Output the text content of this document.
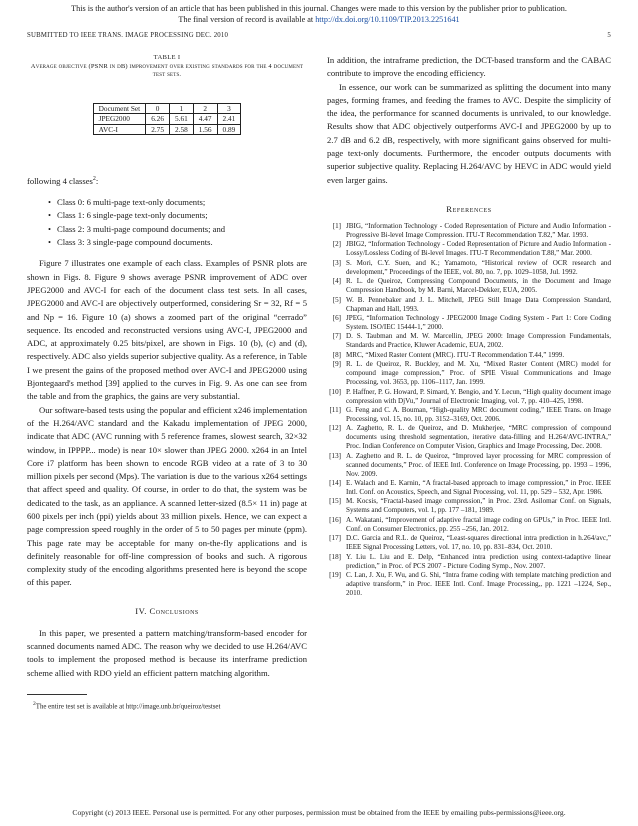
This is the author's version of an article that has been published in this journal. Changes were made to this version by the publisher prior to publication.
The final version of record is available at http://dx.doi.org/10.1109/TIP.2013.2251641
SUBMITTED TO IEEE TRANS. IMAGE PROCESSING DEC. 2010	5
TABLE I
Average objective (PSNR in dB) improvement over existing standards for the 4 document test sets.
Document Set	0	1	2	3
JPEG2000	6.26	5.61	4.47	2.41
AVC-I	2.75	2.58	1.56	0.89

following 4 classes$^2$:

• Class 0: 6 multi-page text-only documents;
• Class 1: 6 single-page text-only documents;
• Class 2: 3 multi-page compound documents; and
• Class 3: 3 single-page compound documents.

Figure 7 illustrates one example of each class. Examples of PSNR plots are shown in Figs. 8. Figure 9 shows average PSNR improvement of ADC over JPEG2000 and AVC-I for each of the document class test sets. In all cases, JPEG2000 and AVC-I are objectively outperformed, considering Sr = 32, Rf = 5 and Np = 16. Figure 10 (a) shows a zoomed part of the original “cerrado” sequence. Its encoded and reconstructed versions using AVC-I, JPEG2000 and ADC, at approximately 0.25 bits/pixel, are shown in Figs. 10 (b), (c) and (d), respectively. ADC also yields superior subjective quality. As a reference, in Table I we present the gains of the proposed method over AVC-I and JPEG2000 using Bjontegaard's method [39] applied to the curves in Fig. 9. As one can see from the table and from the graphics, the gains are very substantial.

Our software-based tests using the popular and efficient x246 implementation of the H.264/AVC standard and the Kakadu implementation of JPEG 2000, indicate that ADC (AVC running with 5 reference frames, slowest search, 32×32 window, in IPPPP... mode) is near 10× slower than JPEG 2000. x264 in an Intel Core i7 platform has been shown to encode RGB video at a rate of 3 to 30 million pixels per second (Mps). The variation is due to the various x264 settings that affect speed and quality. Of course, in order to do that, the system was be dedicated to the task, as an appliance. A scanned letter-sized (8.5× 11 in) page at 600 pixels per inch (ppi) yields about 33 million pixels. Hence, we can expect a page compression speed roughly in the order of 5 to 50 pages per minute (ppm). This page rate may be acceptable for many on-the-fly applications and is definitely reasonable for off-line compression of books and such. A rigorous complexity study of the encoding algorithms presented here is beyond the scope of this paper.

IV. Conclusions

In this paper, we presented a pattern matching/transform-based encoder for scanned documents named ADC. The reason why we decided to use H.264/AVC tools to implement the proposed method is because its interframe prediction scheme allied with RDO yield an efficient pattern matching algorithm.

$^2$The entire test set is available at http://image.unb.br/queiroz/testset

In addition, the intraframe prediction, the DCT-based transform and the CABAC contribute to improve the encoding efficiency.

In essence, our work can be summarized as splitting the document into many pages, forming frames, and feeding the frames to AVC. Despite the simplicity of the idea, the performance for scanned documents is unrivaled, to our knowledge. Results show that ADC objectively outperforms AVC-I and JPEG2000 by up to 2.7 dB and 6.2 dB, respectively, with more significant gains observed for multi-page text-only documents. Furthermore, the encoder outputs documents with superior subjective quality. Replacing H.264/AVC by HEVC in ADC would yield even larger gains.

References
[1] JBIG, “Information Technology - Coded Representation of Picture and Audio Information - Progressive Bi-level Image Compression. ITU-T Recommendation T.82,” Mar. 1993.
[2] JBIG2, “Information Technology - Coded Representation of Picture and Audio Information - Lossy/Lossless Coding of Bi-level Images. ITU-T Recommendation T.88,” Mar. 2000.
[3] S. Mori, C.Y. Suen, and K.; Yamamoto, “Historical review of OCR research and development,” Proceedings of the IEEE, vol. 80, no. 7, pp. 1029–1058, Jul. 1992.
[4] R. L. de Queiroz, Compressing Compound Documents, in the Document and Image Compression Handbook, by M. Barni, Marcel-Dekker, EUA, 2005.
[5] W. B. Pennebaker and J. L. Mitchell, JPEG Still Image Data Compression Standard, Chapman and Hall, 1993.
[6] JPEG, “Information Technology - JPEG2000 Image Coding System - Part 1: Core Coding System. ISO/IEC 15444-1,” 2000.
[7] D. S. Taubman and M. W. Marcellin, JPEG 2000: Image Compression Fundamentals, Standards and Practice, Kluwer Academic, EUA, 2002.
[8] MRC, “Mixed Raster Content (MRC). ITU-T Recommendation T.44,” 1999.
[9] R. L. de Queiroz, R. Buckley, and M. Xu, “Mixed Raster Content (MRC) model for compound image compression,” Proc. of SPIE Visual Communications and Image Processing, vol. 3653, pp. 1106–1117, Jan. 1999.
[10] P. Haffner, P. G. Howard, P. Simard, Y. Bengio, and Y. Lecun, “High quality document image compression with DjVu,” Journal of Electronic Imaging, vol. 7, pp. 410–425, 1998.
[11] G. Feng and C. A. Bouman, “High-quality MRC document coding,” IEEE Trans. on Image Processing, vol. 15, no. 10, pp. 3152–3169, Oct. 2006.
[12] A. Zaghetto, R. L. de Queiroz, and D. Mukherjee, “MRC compression of compound documents using threshold segmentation, iterative data-filling and H.264/AVC-INTRA,” Proc. Indian Conference on Computer Vision, Graphics and Image Processing, Dec. 2008.
[13] A. Zaghetto and R. L. de Queiroz, “Improved layer processing for MRC compression of scanned documents,” Proc. of IEEE Intl. Conference on Image Processing, pp. 1993 – 1996, Nov. 2009.
[14] E. Walach and E. Karnin, “A fractal-based approach to image compression,” in Proc. IEEE Intl. Conf. on Acoustics, Speech, and Signal Processing, vol. 11, pp. 529 – 532, Apr. 1986.
[15] M. Kocsis, “Fractal-based image compression,” in Proc. 23rd. Asilomar Conf. on Signals, Systems and Computers, vol. 1, pp. 177 –181, 1989.
[16] A. Wakatani, “Improvement of adaptive fractal image coding on GPUs,” in Proc. IEEE Intl. Conf. on Consumer Electronics, pp. 255 –256, Jan. 2012.
[17] D.C. Garcia and R.L. de Queiroz, “Least-squares directional intra prediction in h.264/avc,” IEEE Signal Processing Letters, vol. 17, no. 10, pp. 831–834, Oct. 2010.
[18] Y. Liu L. Liu and E. Delp, “Enhanced intra prediction using context-tadaptive linear prediction,” in Proc. of PCS 2007 - Picture Coding Symp., Nov. 2007.
[19] C. Lan, J. Xu, F. Wu, and G. Shi, “Intra frame coding with template matching prediction and adaptive transform,” in Proc. IEEE Intl. Conf. Image Processing,, pp. 1221 –1224, Sep., 2010.
Copyright (c) 2013 IEEE. Personal use is permitted. For any other purposes, permission must be obtained from the IEEE by emailing pubs-permissions@ieee.org.
